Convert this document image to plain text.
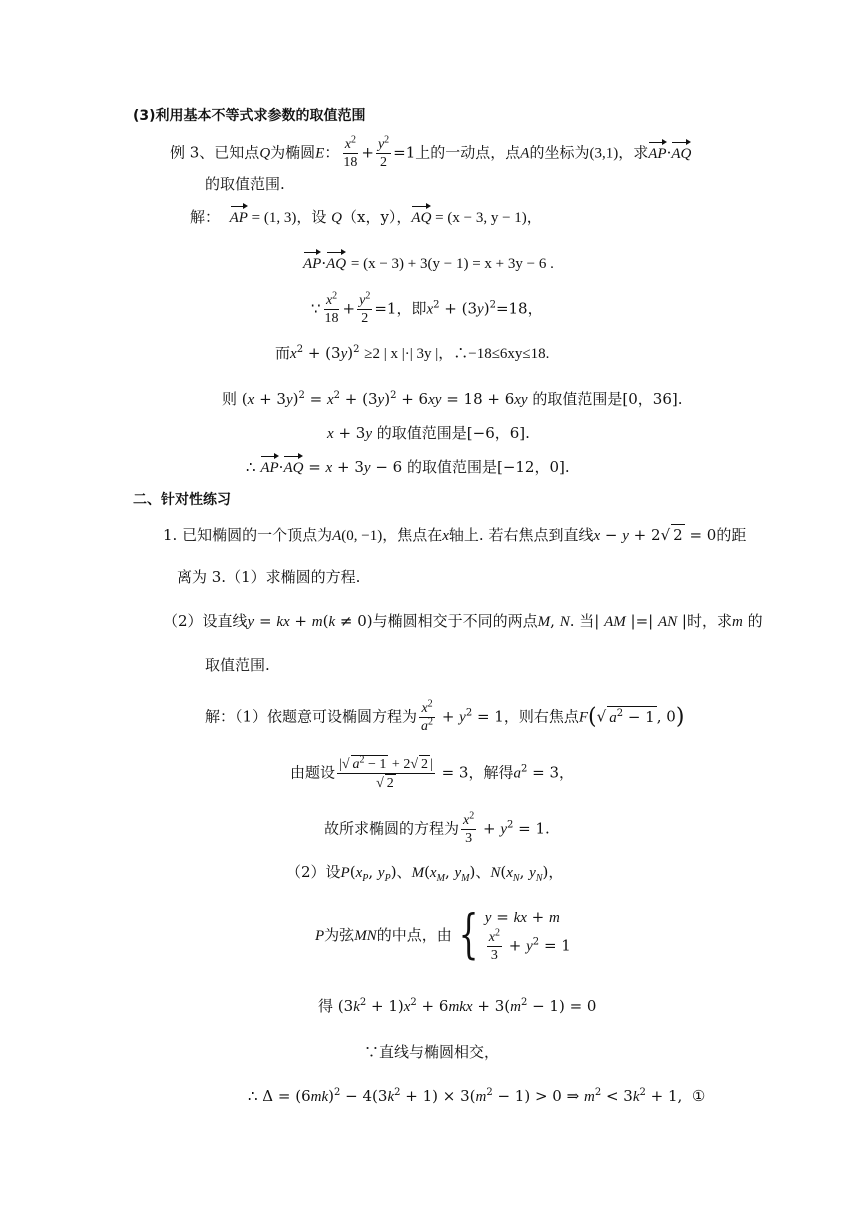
(3)利用基本不等式求参数的取值范围
例 3、已知点Q为椭圆E： $\frac{x^2}{18} + \frac{y^2}{2} =1$上的一动点，点A的坐标为(3,1)，求AP·AQ
的取值范围.
解： AP = (1, 3)，设 Q（x，y），AQ = (x − 3, y − 1)，
AP·AQ = (x − 3) + 3(y − 1) = x + 3y − 6 .
∵ $\frac{x^2}{18} + \frac{y^2}{2} =1$，即$x^2 + (3y)^2=18$，
而$x^2 + (3y)^2 \ge 2$ | x |·| 3y |，∴−18≤6xy≤18.
则 $(x + 3y)^2 = x^2 + (3y)^2 + 6xy = 18 + 6xy$ 的取值范围是[0，36].
x + 3y 的取值范围是[−6，6].
∴ AP·AQ = x + 3y − 6 的取值范围是[−12，0].
二、针对性练习
1. 已知椭圆的一个顶点为A(0, −1)，焦点在x轴上. 若右焦点到直线x − y + 2√ 2 = 0的距
离为 3.（1）求椭圆的方程.
（2）设直线y = kx + m(k ≠ 0)与椭圆相交于不同的两点M, N. 当| AM |=| AN |时，求m 的
取值范围.
解：（1）依题意可设椭圆方程为 $\frac{x^2}{a^2} + y^2 = 1$，则右焦点F(√ $a^2 - 1$ , 0)
由题设 $\frac{|√ a^2 - 1 + 2√ 2 |}{√ 2} = 3$，解得$a^2 = 3$，
故所求椭圆的方程为 $\frac{x^2}{3} + y^2 = 1$.
（2）设$P(x_P$, $y_P$)、$M(x_M$, $y_M$)、$N(x_N$, $y_N$)，
P为弦MN的中点，由 { y = kx + m
$\frac{x^2}{3} + y^2 = 1$
得 $(3k^2 + 1)x^2 + 6mkx + 3(m^2 - 1) = 0$
∵直线与椭圆相交，
∴ $\Delta = (6mk)^2 - 4(3k^2 + 1) \times 3(m^2 - 1) > 0$ ⇒ $m^2 < 3k^2 + 1$,  ①
